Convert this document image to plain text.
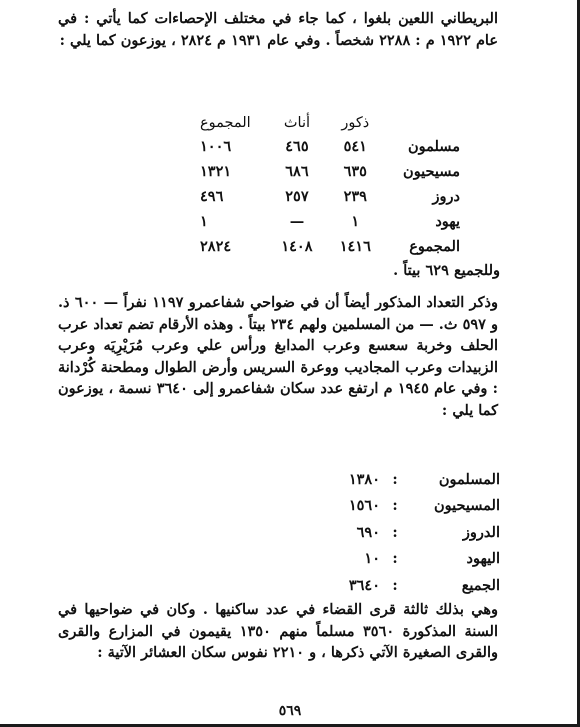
البريطاني اللعين بلغوا ، كما جاء في مختلف الإحصاءات كما يأتي : في عام ١٩٢٢ م : ٢٢٨٨ شخصاً . وفي عام ١٩٣١ م ٢٨٢٤ ، يوزعون كما يلي :

	ذكور	أناث	المجموع
مسلمون	٥٤١	٤٦٥	١٠٠٦
مسيحيون	٦٣٥	٦٨٦	١٣٢١
دروز	٢٣٩	٢٥٧	٤٩٦
يهود	١	—	١
المجموع	١٤١٦	١٤٠٨	٢٨٢٤
وللجميع ٦٢٩ بيتاً .

وذكر التعداد المذكور أيضاً أن في ضواحي شفاعمرو ١١٩٧ نفراً — ٦٠٠ ذ. و ٥٩٧ ث. — من المسلمين ولهم ٢٣٤ بيتاً . وهذه الأرقام تضم تعداد عرب الحلف وخربة سعسع وعرب المدابغ ورأس علي وعرب مُرَيْرِيَه وعرب الزبيدات وعرب المجاديب ووعرة السريس وأرض الطوال ومطحنة كُرْدانة : وفي عام ١٩٤٥ م ارتفع عدد سكان شفاعمرو إلى ٣٦٤٠ نسمة ، يوزعون كما يلي :

المسلمون	:	١٣٨٠
المسيحيون	:	١٥٦٠
الدروز	:	٦٩٠
اليهود	:	١٠
الجميع	:	٣٦٤٠

وهي بذلك ثالثة قرى القضاء في عدد ساكنيها . وكان في ضواحيها في السنة المذكورة ٣٥٦٠ مسلماً منهم ١٣٥٠ يقيمون في المزارع والقرى والقرى الصغيرة الآتي ذكرها ، و ٢٢١٠ نفوس سكان العشائر الآتية :

٥٦٩
